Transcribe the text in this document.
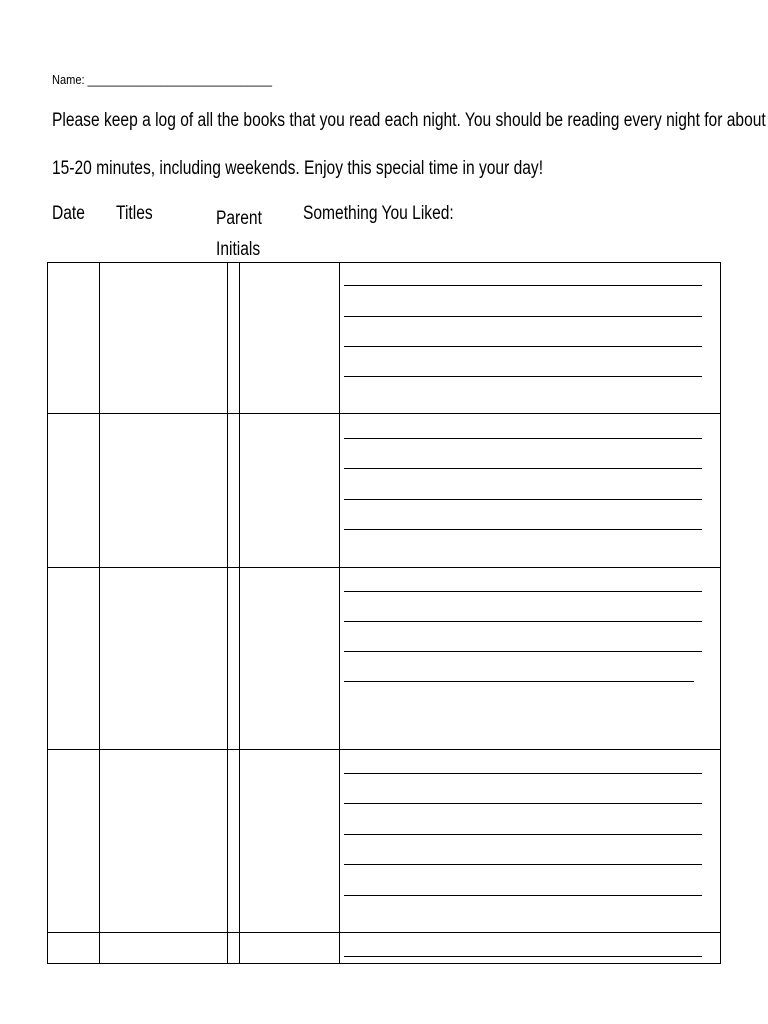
Name: ______________________________
Please keep a log of all the books that you read each night. You should be reading every night for about
15-20 minutes, including weekends. Enjoy this special time in your day!
Date Titles	Parent Initials
Something You Liked:
